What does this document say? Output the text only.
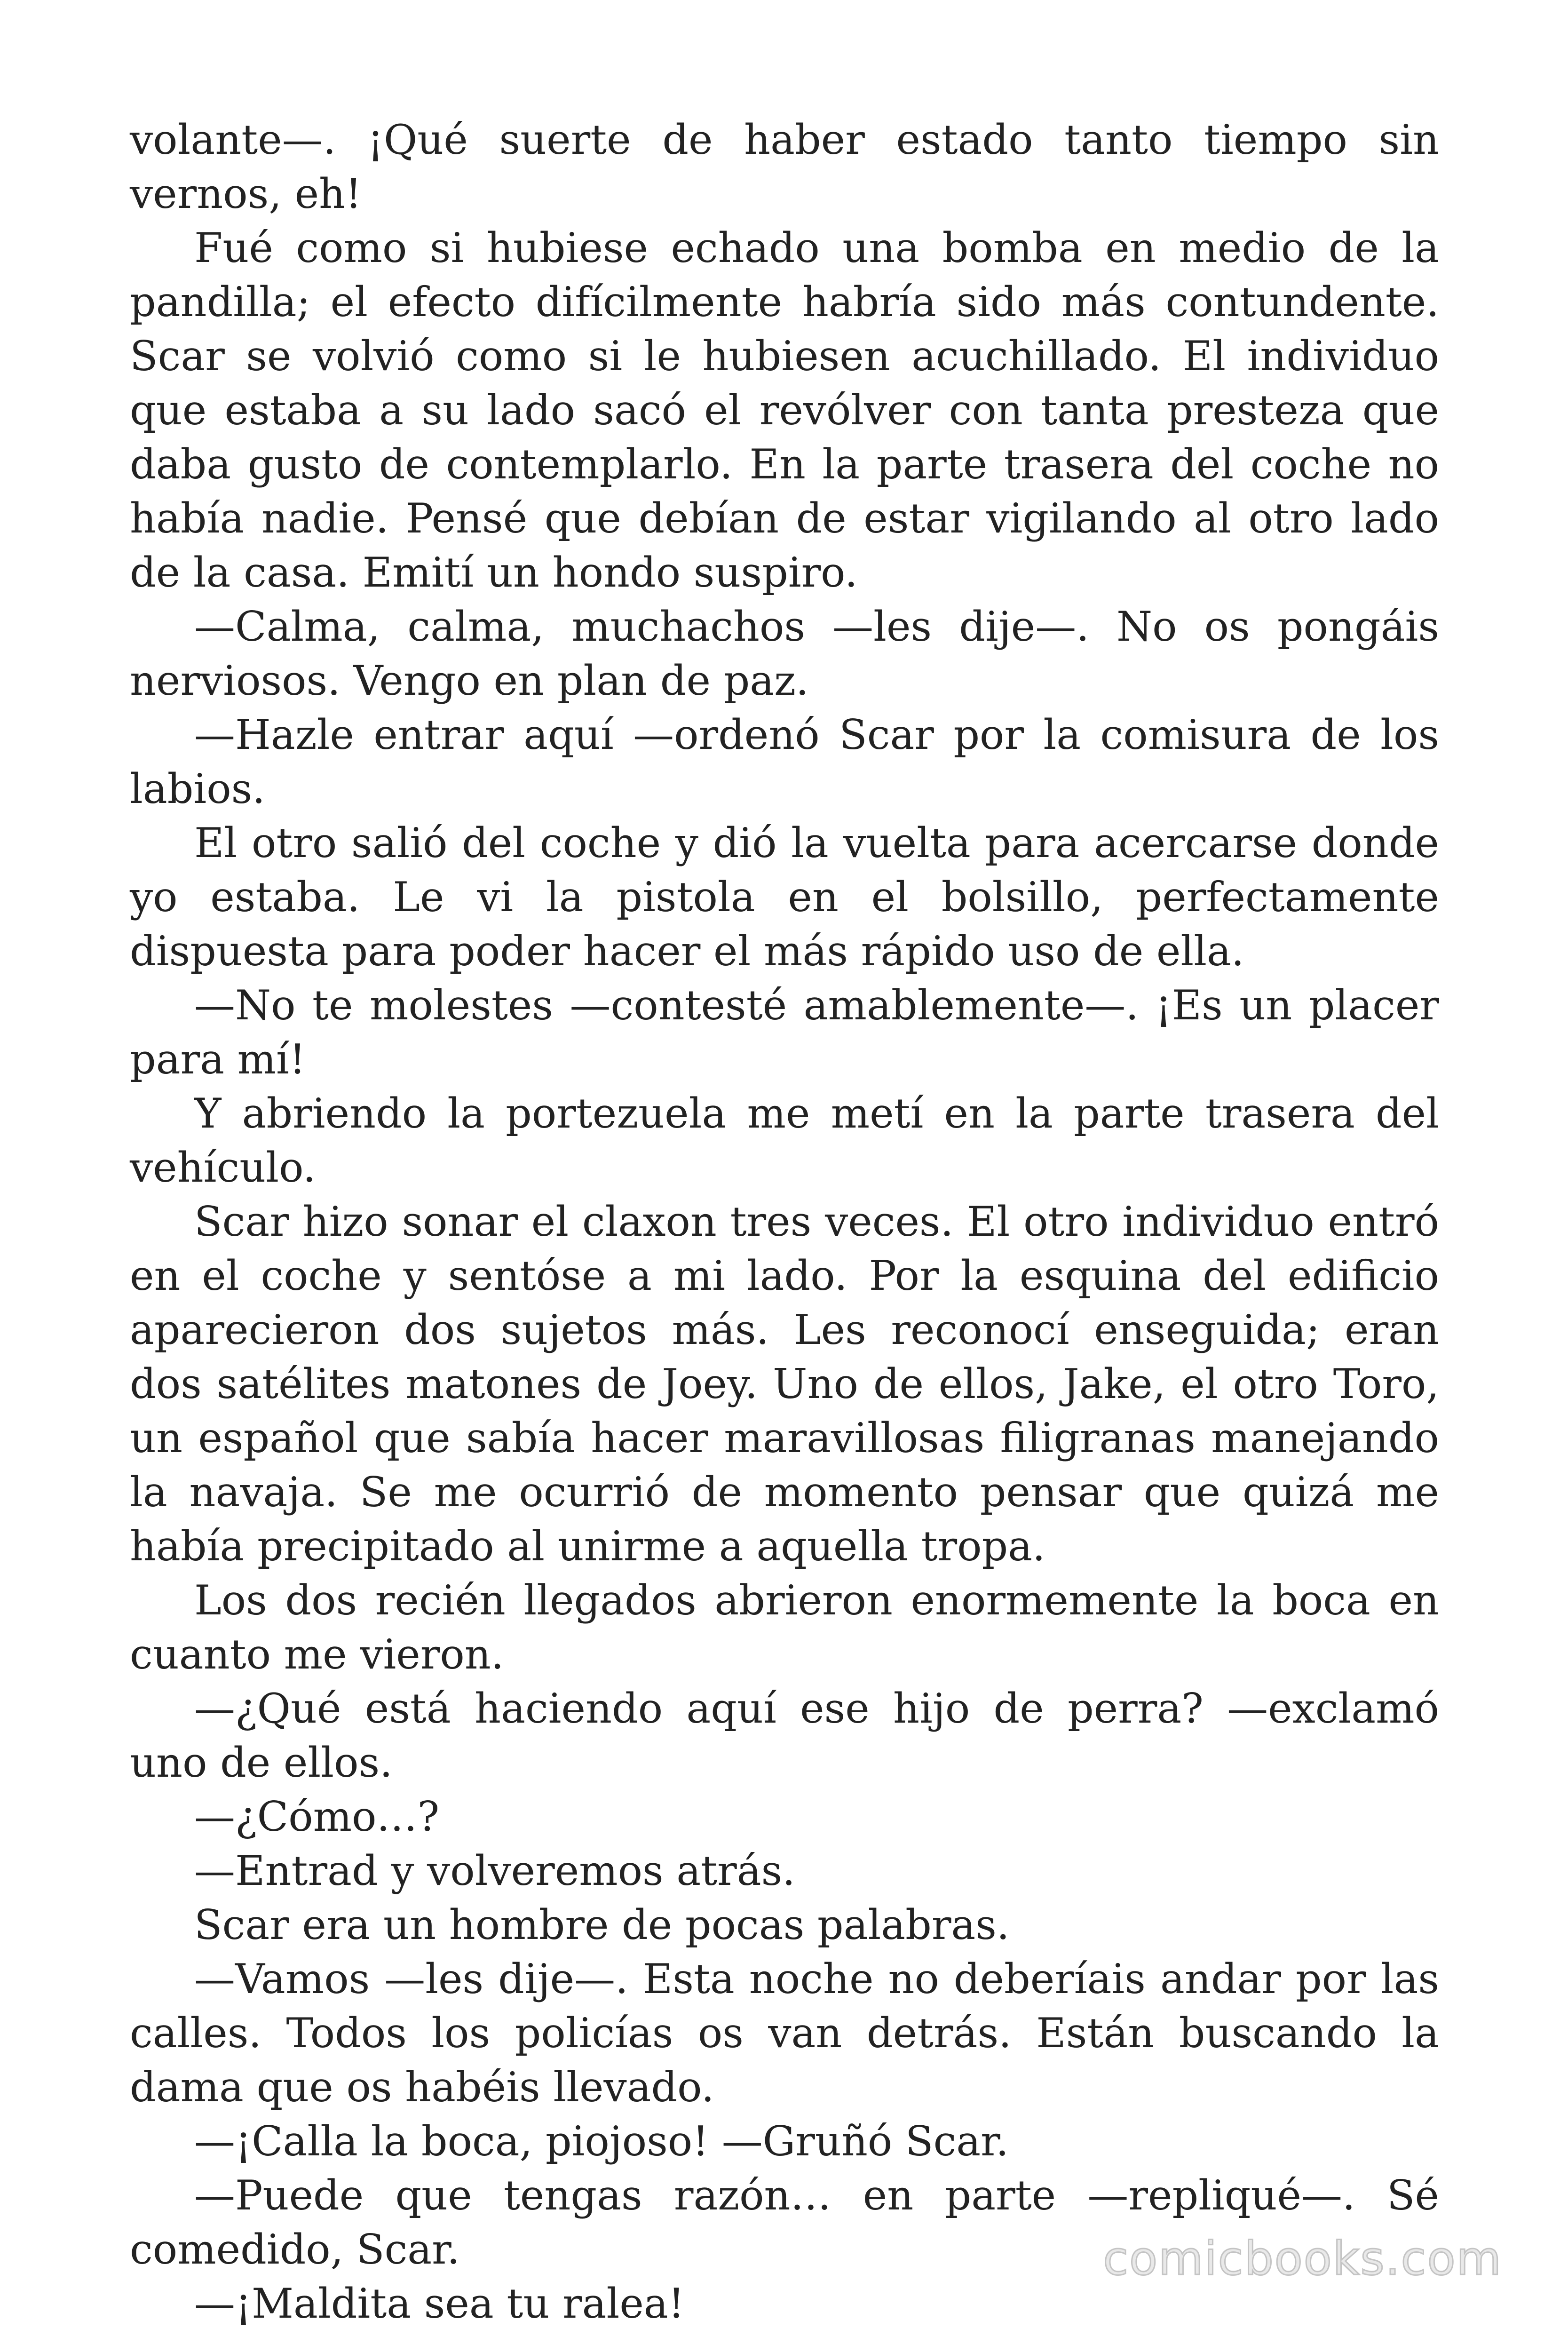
volante—. ¡Qué suerte de haber estado tanto tiempo sin vernos, eh!

Fué como si hubiese echado una bomba en medio de la pandilla; el efecto difícilmente habría sido más contundente. Scar se volvió como si le hubiesen acuchillado. El individuo que estaba a su lado sacó el revólver con tanta presteza que daba gusto de contemplarlo. En la parte trasera del coche no había nadie. Pensé que debían de estar vigilando al otro lado de la casa. Emití un hondo suspiro.

—Calma, calma, muchachos —les dije—. No os pongáis nerviosos. Vengo en plan de paz.

—Hazle entrar aquí —ordenó Scar por la comisura de los labios.

El otro salió del coche y dió la vuelta para acercarse donde yo estaba. Le vi la pistola en el bolsillo, perfectamente dispuesta para poder hacer el más rápido uso de ella.

—No te molestes —contesté amablemente—. ¡Es un placer para mí!

Y abriendo la portezuela me metí en la parte trasera del vehículo.

Scar hizo sonar el claxon tres veces. El otro individuo entró en el coche y sentóse a mi lado. Por la esquina del edificio aparecieron dos sujetos más. Les reconocí enseguida; eran dos satélites matones de Joey. Uno de ellos, Jake, el otro Toro, un español que sabía hacer maravillosas filigranas manejando la navaja. Se me ocurrió de momento pensar que quizá me había precipitado al unirme a aquella tropa.

Los dos recién llegados abrieron enormemente la boca en cuanto me vieron.

—¿Qué está haciendo aquí ese hijo de perra? —exclamó uno de ellos.

—¿Cómo…?

—Entrad y volveremos atrás.

Scar era un hombre de pocas palabras.

—Vamos —les dije—. Esta noche no deberíais andar por las calles. Todos los policías os van detrás. Están buscando la dama que os habéis llevado.

—¡Calla la boca, piojoso! —Gruñó Scar.

—Puede que tengas razón… en parte —repliqué—. Sé comedido, Scar.

—¡Maldita sea tu ralea!

comicbooks.com
